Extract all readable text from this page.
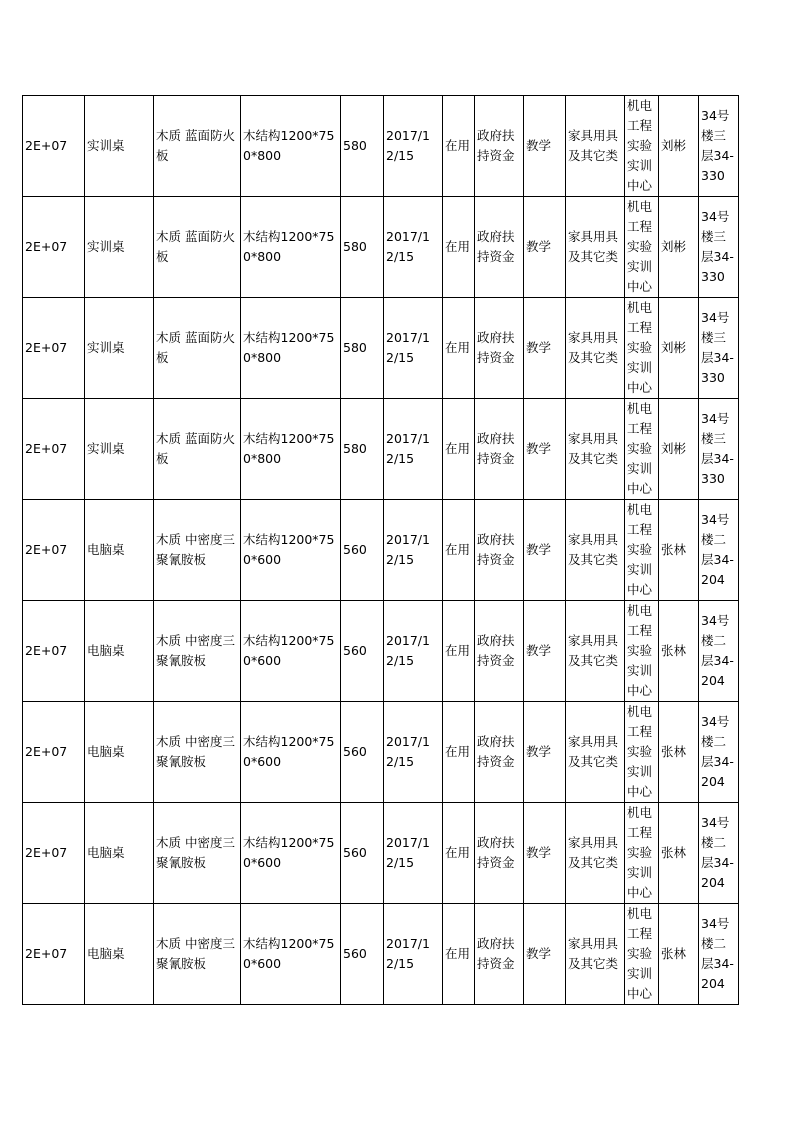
2E+07	实训桌	木质 蓝面防火板	木结构1200*750*800	580	2017/12/15	在用	政府扶持资金	教学	家具用具及其它类	机电工程实验实训中心	刘彬	34号楼三层34-330
2E+07	实训桌	木质 蓝面防火板	木结构1200*750*800	580	2017/12/15	在用	政府扶持资金	教学	家具用具及其它类	机电工程实验实训中心	刘彬	34号楼三层34-330
2E+07	实训桌	木质 蓝面防火板	木结构1200*750*800	580	2017/12/15	在用	政府扶持资金	教学	家具用具及其它类	机电工程实验实训中心	刘彬	34号楼三层34-330
2E+07	实训桌	木质 蓝面防火板	木结构1200*750*800	580	2017/12/15	在用	政府扶持资金	教学	家具用具及其它类	机电工程实验实训中心	刘彬	34号楼三层34-330
2E+07	电脑桌	木质 中密度三聚氰胺板	木结构1200*750*600	560	2017/12/15	在用	政府扶持资金	教学	家具用具及其它类	机电工程实验实训中心	张林	34号楼二层34-204
2E+07	电脑桌	木质 中密度三聚氰胺板	木结构1200*750*600	560	2017/12/15	在用	政府扶持资金	教学	家具用具及其它类	机电工程实验实训中心	张林	34号楼二层34-204
2E+07	电脑桌	木质 中密度三聚氰胺板	木结构1200*750*600	560	2017/12/15	在用	政府扶持资金	教学	家具用具及其它类	机电工程实验实训中心	张林	34号楼二层34-204
2E+07	电脑桌	木质 中密度三聚氰胺板	木结构1200*750*600	560	2017/12/15	在用	政府扶持资金	教学	家具用具及其它类	机电工程实验实训中心	张林	34号楼二层34-204
2E+07	电脑桌	木质 中密度三聚氰胺板	木结构1200*750*600	560	2017/12/15	在用	政府扶持资金	教学	家具用具及其它类	机电工程实验实训中心	张林	34号楼二层34-204
